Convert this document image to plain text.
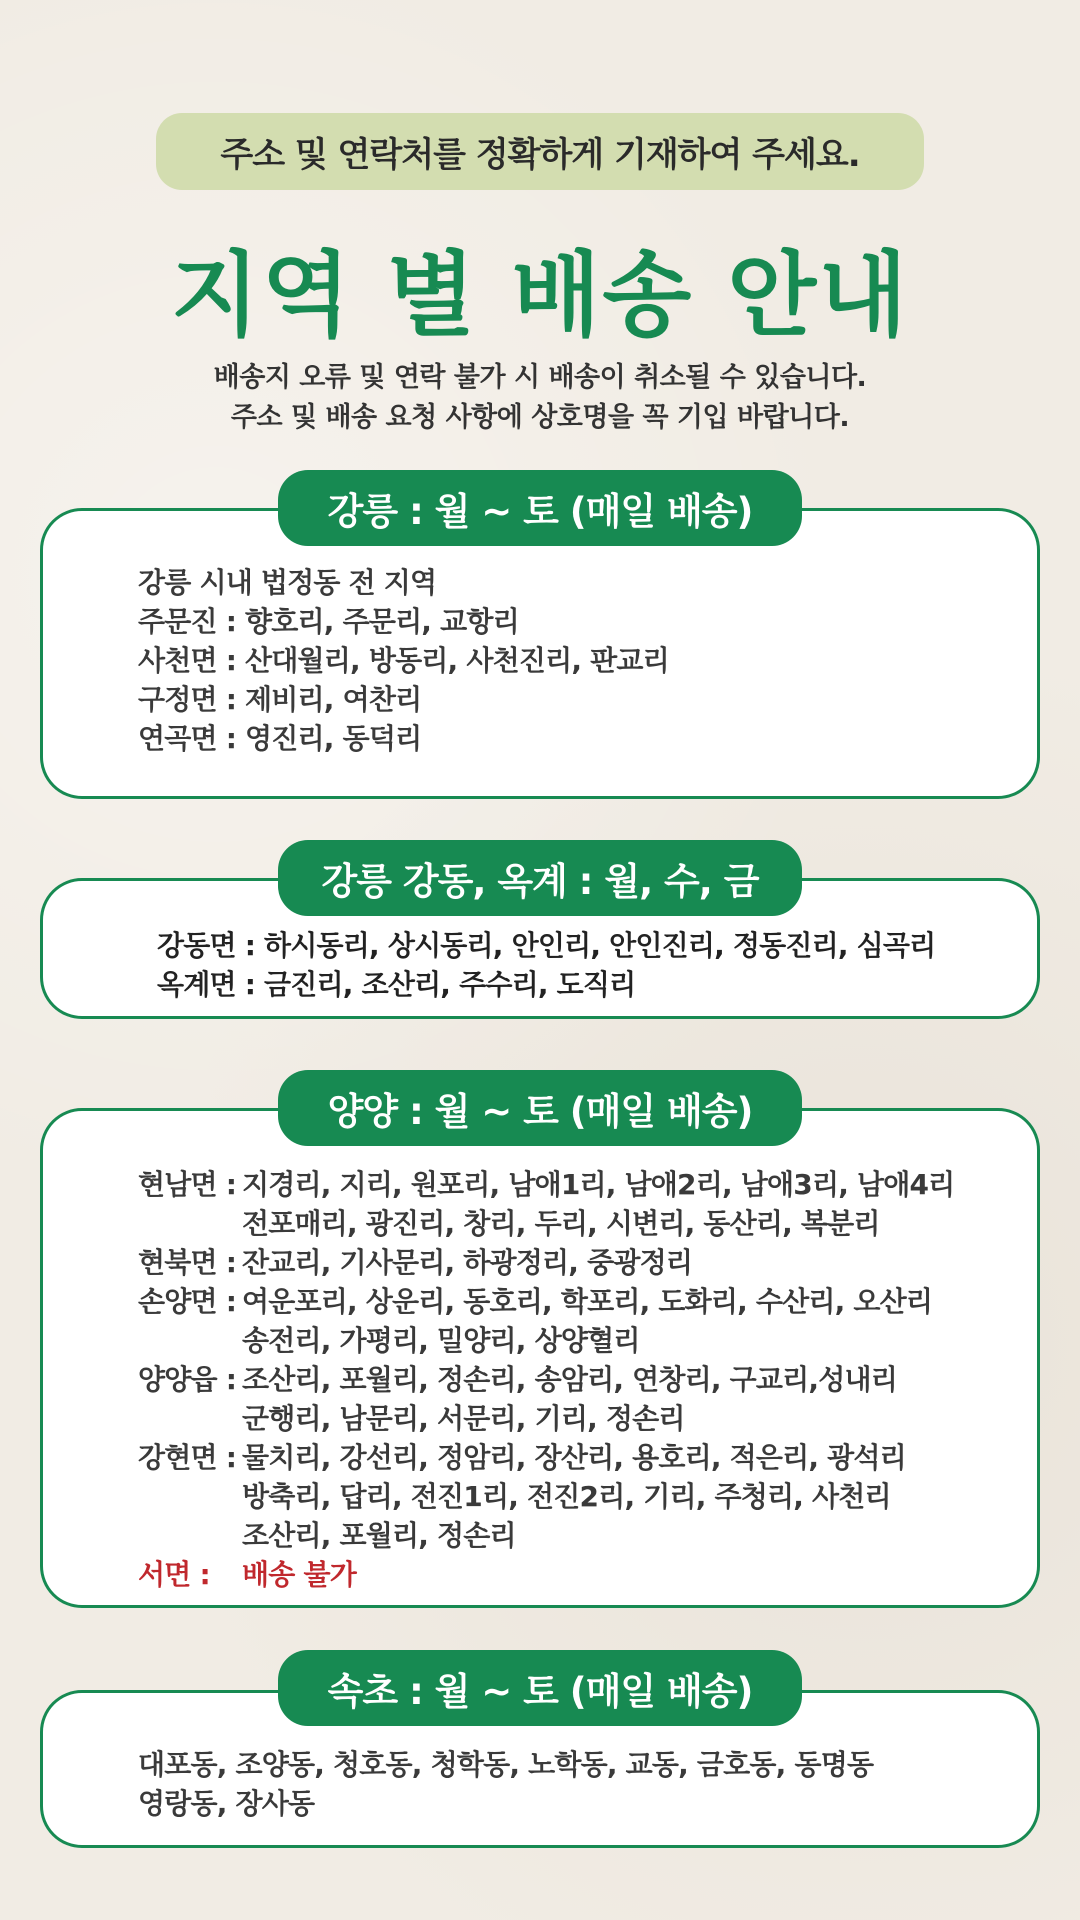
주소 및 연락처를 정확하게 기재하여 주세요.
지역 별 배송 안내
배송지 오류 및 연락 불가 시 배송이 취소될 수 있습니다.
주소 및 배송 요청 사항에 상호명을 꼭 기입 바랍니다.
강릉 시내 법정동 전 지역
주문진 : 향호리, 주문리, 교항리
사천면 : 산대월리, 방동리, 사천진리, 판교리
구정면 : 제비리, 여찬리
연곡면 : 영진리, 동덕리
강릉 : 월 ~ 토 (매일 배송)
강동면 : 하시동리, 상시동리, 안인리, 안인진리, 정동진리, 심곡리
옥계면 : 금진리, 조산리, 주수리, 도직리
강릉 강동, 옥계 : 월, 수, 금
현남면 : 지경리, 지리, 원포리, 남애1리, 남애2리, 남애3리, 남애4리
전포매리, 광진리, 창리, 두리, 시변리, 동산리, 복분리
현북면 : 잔교리, 기사문리, 하광정리, 중광정리
손양면 : 여운포리, 상운리, 동호리, 학포리, 도화리, 수산리, 오산리
송전리, 가평리, 밀양리, 상양혈리
양양읍 : 조산리, 포월리, 정손리, 송암리, 연창리, 구교리,성내리
군행리, 남문리, 서문리, 기리, 정손리
강현면 : 물치리, 강선리, 정암리, 장산리, 용호리, 적은리, 광석리
방축리, 답리, 전진1리, 전진2리, 기리, 주청리, 사천리
조산리, 포월리, 정손리
서면 :	배송 불가
양양 : 월 ~ 토 (매일 배송)
대포동, 조양동, 청호동, 청학동, 노학동, 교동, 금호동, 동명동
영랑동, 장사동
속초 : 월 ~ 토 (매일 배송)
